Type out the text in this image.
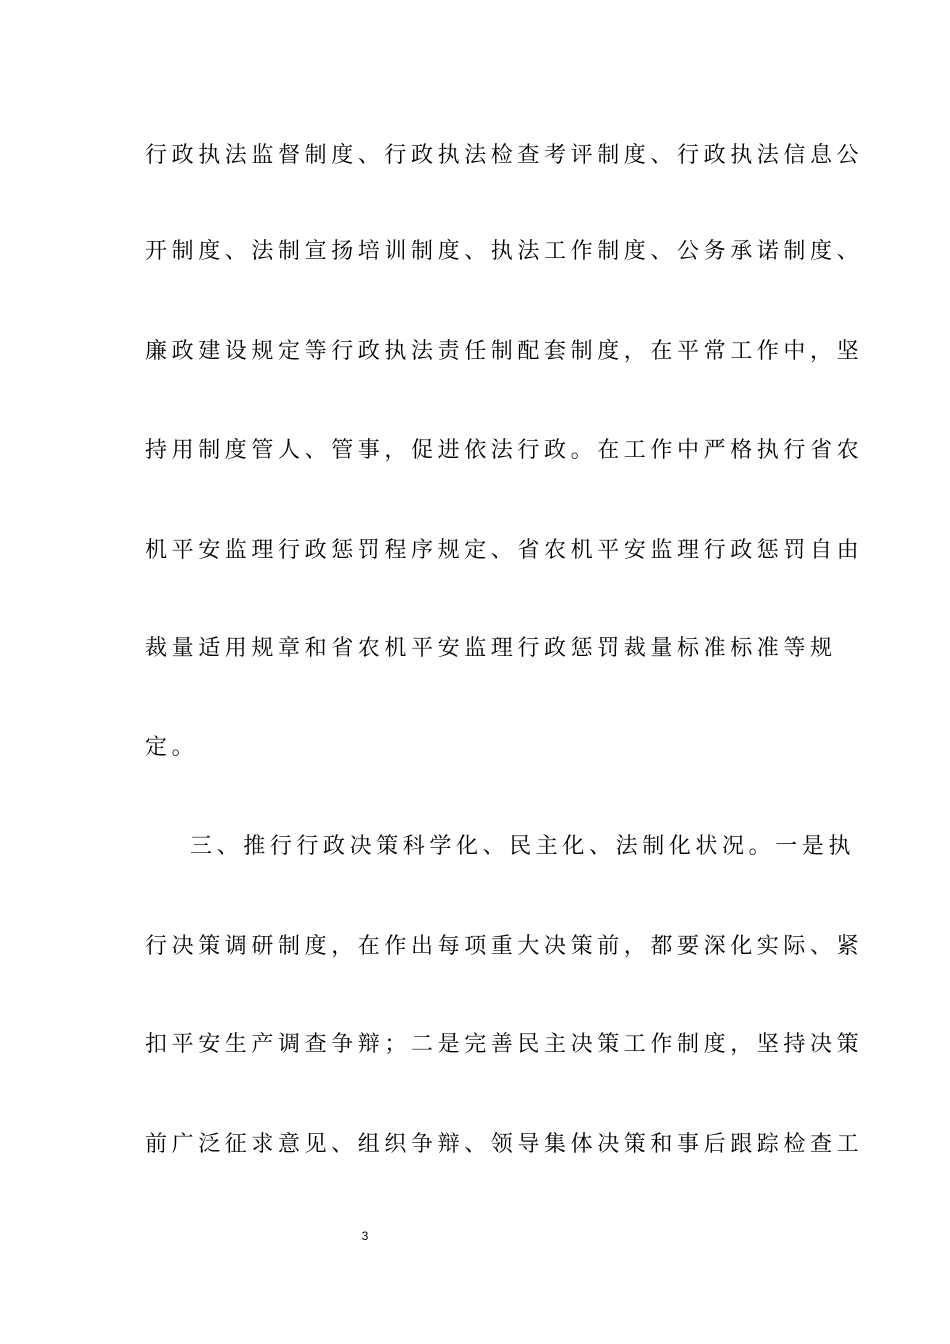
行政执法监督制度、行政执法检查考评制度、行政执法信息公
开制度、法制宣扬培训制度、执法工作制度、公务承诺制度、
廉政建设规定等行政执法责任制配套制度，在平常工作中，坚
持用制度管人、管事，促进依法行政。在工作中严格执行省农
机平安监理行政惩罚程序规定、省农机平安监理行政惩罚自由
裁量适用规章和省农机平安监理行政惩罚裁量标准标准等规
定。
三、推行行政决策科学化、民主化、法制化状况。一是执
行决策调研制度，在作出每项重大决策前，都要深化实际、紧
扣平安生产调查争辩；二是完善民主决策工作制度，坚持决策
前广泛征求意见、组织争辩、领导集体决策和事后跟踪检查工
3
